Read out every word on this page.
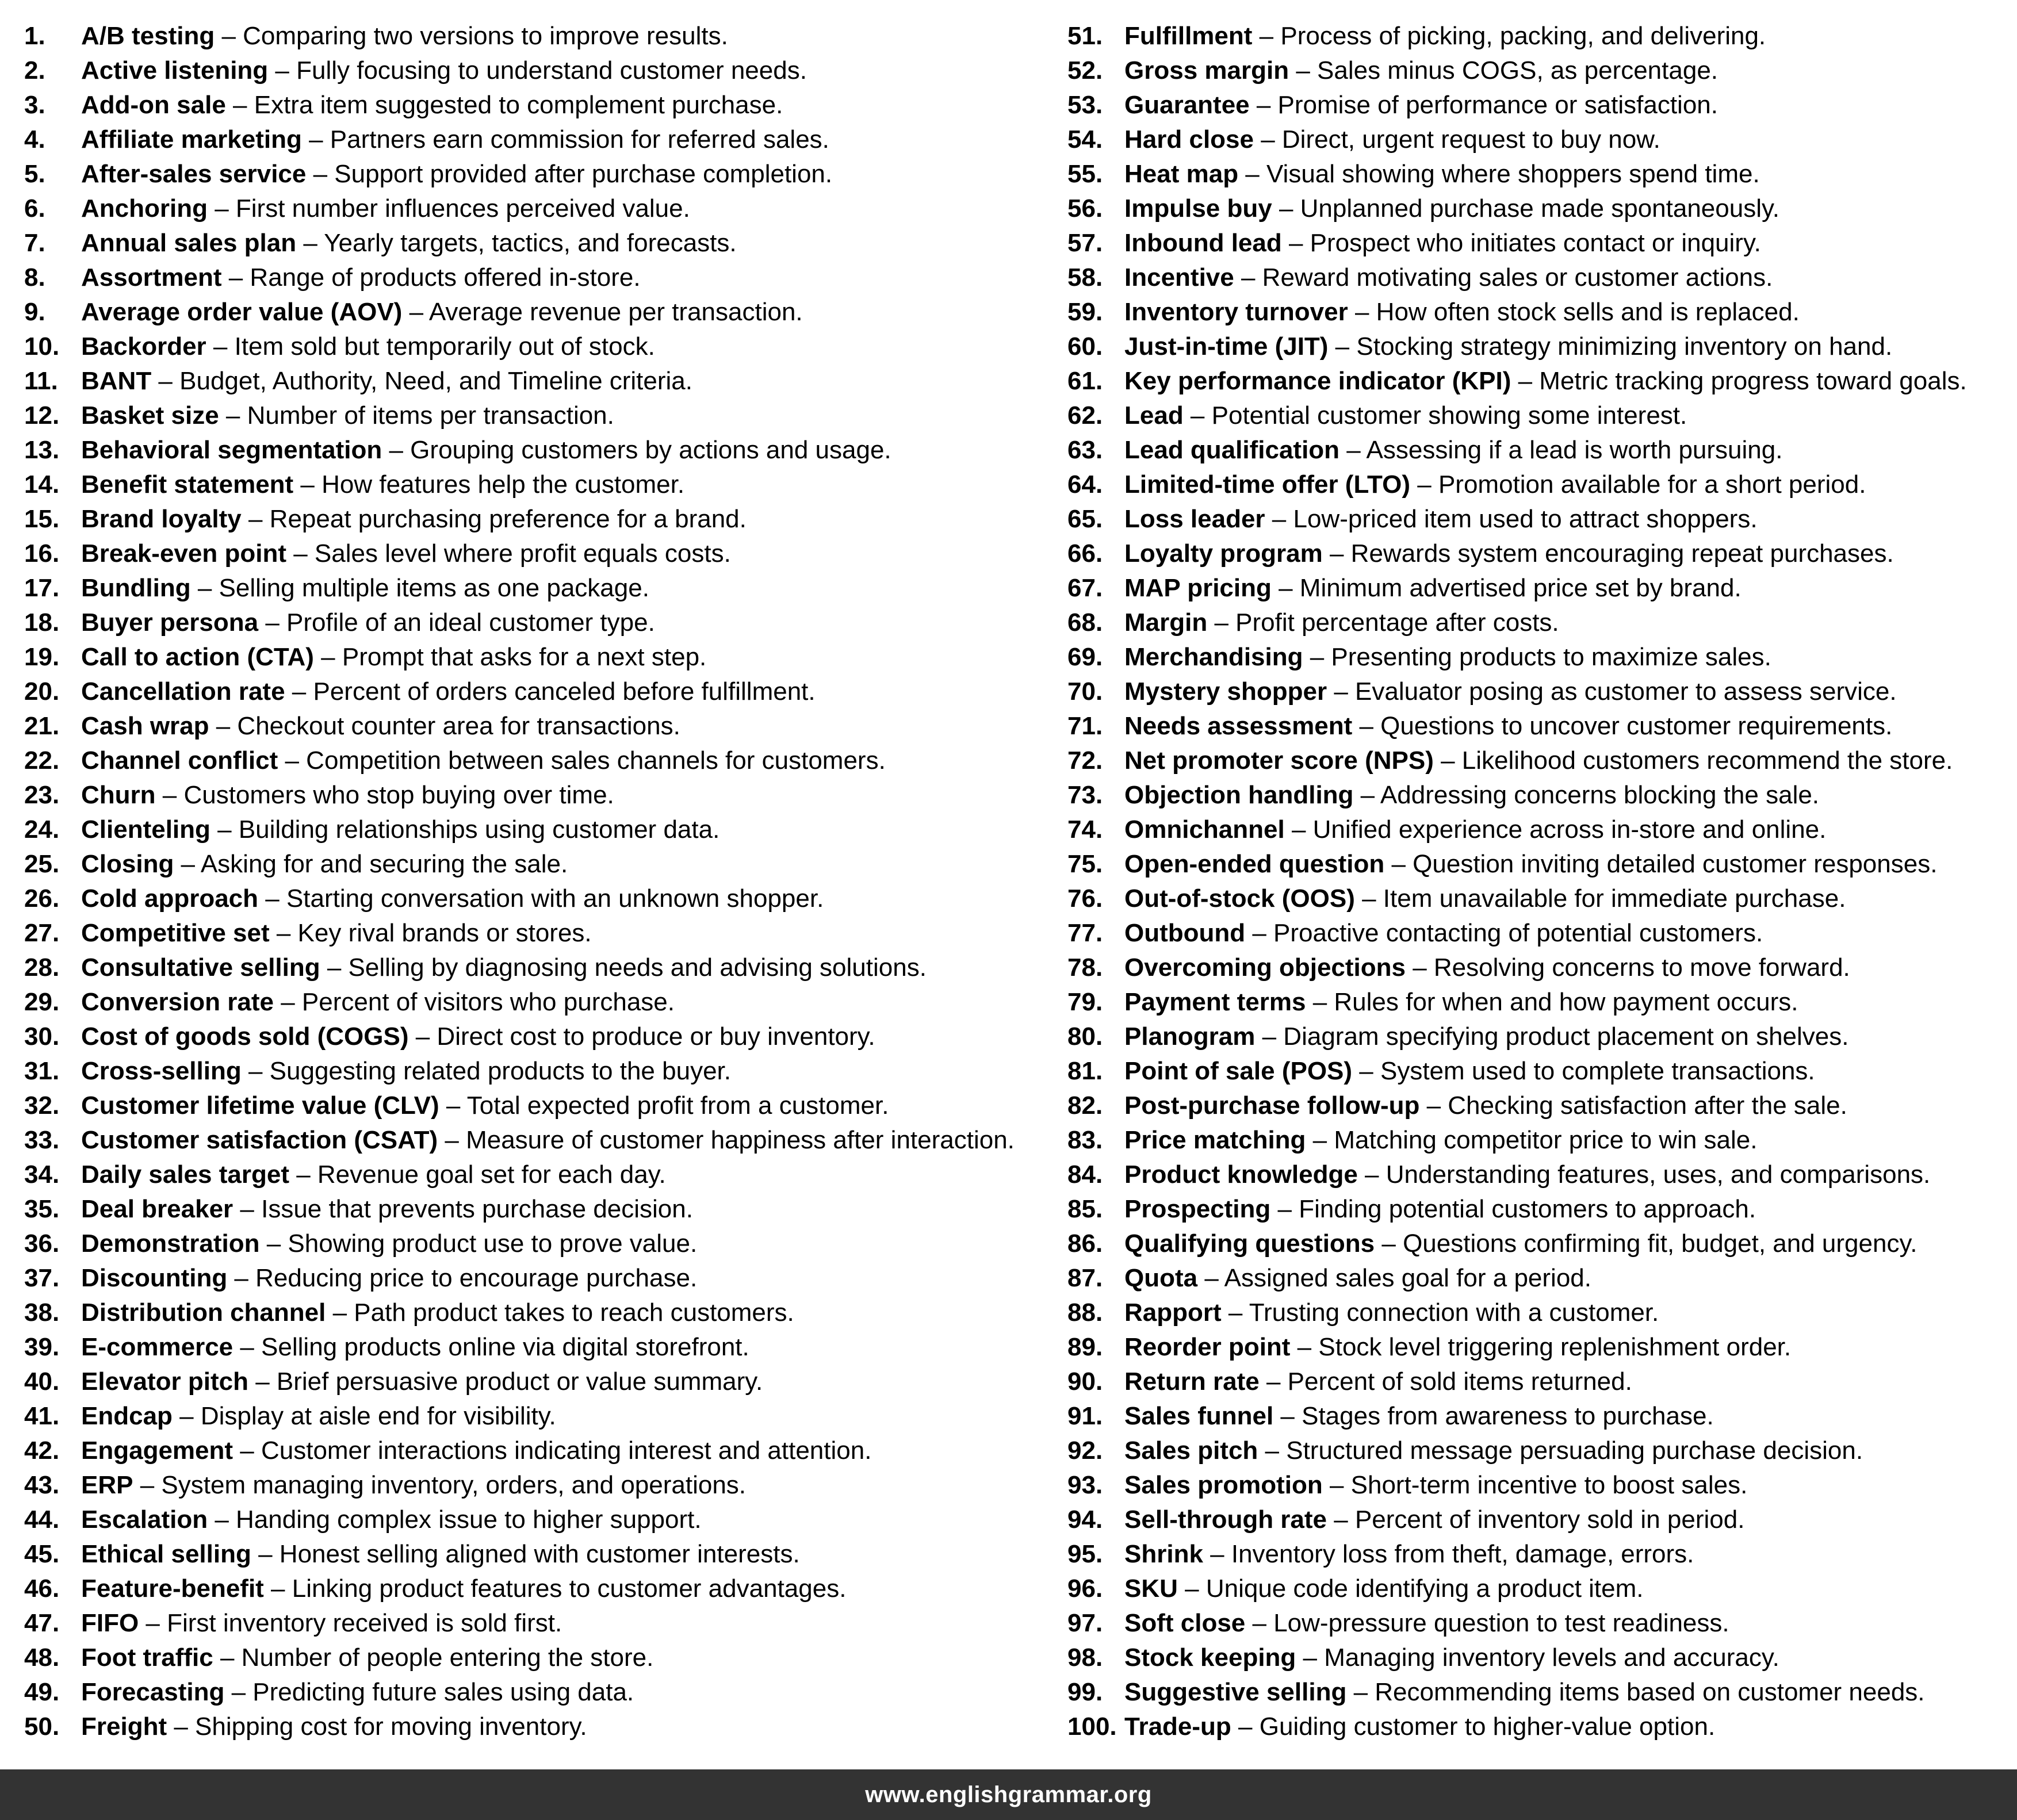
1. A/B testing – Comparing two versions to improve results.
2. Active listening – Fully focusing to understand customer needs.
3. Add-on sale – Extra item suggested to complement purchase.
4. Affiliate marketing – Partners earn commission for referred sales.
5. After-sales service – Support provided after purchase completion.
6. Anchoring – First number influences perceived value.
7. Annual sales plan – Yearly targets, tactics, and forecasts.
8. Assortment – Range of products offered in-store.
9. Average order value (AOV) – Average revenue per transaction.
10. Backorder – Item sold but temporarily out of stock.
11. BANT – Budget, Authority, Need, and Timeline criteria.
12. Basket size – Number of items per transaction.
13. Behavioral segmentation – Grouping customers by actions and usage.
14. Benefit statement – How features help the customer.
15. Brand loyalty – Repeat purchasing preference for a brand.
16. Break-even point – Sales level where profit equals costs.
17. Bundling – Selling multiple items as one package.
18. Buyer persona – Profile of an ideal customer type.
19. Call to action (CTA) – Prompt that asks for a next step.
20. Cancellation rate – Percent of orders canceled before fulfillment.
21. Cash wrap – Checkout counter area for transactions.
22. Channel conflict – Competition between sales channels for customers.
23. Churn – Customers who stop buying over time.
24. Clienteling – Building relationships using customer data.
25. Closing – Asking for and securing the sale.
26. Cold approach – Starting conversation with an unknown shopper.
27. Competitive set – Key rival brands or stores.
28. Consultative selling – Selling by diagnosing needs and advising solutions.
29. Conversion rate – Percent of visitors who purchase.
30. Cost of goods sold (COGS) – Direct cost to produce or buy inventory.
31. Cross-selling – Suggesting related products to the buyer.
32. Customer lifetime value (CLV) – Total expected profit from a customer.
33. Customer satisfaction (CSAT) – Measure of customer happiness after interaction.
34. Daily sales target – Revenue goal set for each day.
35. Deal breaker – Issue that prevents purchase decision.
36. Demonstration – Showing product use to prove value.
37. Discounting – Reducing price to encourage purchase.
38. Distribution channel – Path product takes to reach customers.
39. E-commerce – Selling products online via digital storefront.
40. Elevator pitch – Brief persuasive product or value summary.
41. Endcap – Display at aisle end for visibility.
42. Engagement – Customer interactions indicating interest and attention.
43. ERP – System managing inventory, orders, and operations.
44. Escalation – Handing complex issue to higher support.
45. Ethical selling – Honest selling aligned with customer interests.
46. Feature-benefit – Linking product features to customer advantages.
47. FIFO – First inventory received is sold first.
48. Foot traffic – Number of people entering the store.
49. Forecasting – Predicting future sales using data.
50. Freight – Shipping cost for moving inventory.
51. Fulfillment – Process of picking, packing, and delivering.
52. Gross margin – Sales minus COGS, as percentage.
53. Guarantee – Promise of performance or satisfaction.
54. Hard close – Direct, urgent request to buy now.
55. Heat map – Visual showing where shoppers spend time.
56. Impulse buy – Unplanned purchase made spontaneously.
57. Inbound lead – Prospect who initiates contact or inquiry.
58. Incentive – Reward motivating sales or customer actions.
59. Inventory turnover – How often stock sells and is replaced.
60. Just-in-time (JIT) – Stocking strategy minimizing inventory on hand.
61. Key performance indicator (KPI) – Metric tracking progress toward goals.
62. Lead – Potential customer showing some interest.
63. Lead qualification – Assessing if a lead is worth pursuing.
64. Limited-time offer (LTO) – Promotion available for a short period.
65. Loss leader – Low-priced item used to attract shoppers.
66. Loyalty program – Rewards system encouraging repeat purchases.
67. MAP pricing – Minimum advertised price set by brand.
68. Margin – Profit percentage after costs.
69. Merchandising – Presenting products to maximize sales.
70. Mystery shopper – Evaluator posing as customer to assess service.
71. Needs assessment – Questions to uncover customer requirements.
72. Net promoter score (NPS) – Likelihood customers recommend the store.
73. Objection handling – Addressing concerns blocking the sale.
74. Omnichannel – Unified experience across in-store and online.
75. Open-ended question – Question inviting detailed customer responses.
76. Out-of-stock (OOS) – Item unavailable for immediate purchase.
77. Outbound – Proactive contacting of potential customers.
78. Overcoming objections – Resolving concerns to move forward.
79. Payment terms – Rules for when and how payment occurs.
80. Planogram – Diagram specifying product placement on shelves.
81. Point of sale (POS) – System used to complete transactions.
82. Post-purchase follow-up – Checking satisfaction after the sale.
83. Price matching – Matching competitor price to win sale.
84. Product knowledge – Understanding features, uses, and comparisons.
85. Prospecting – Finding potential customers to approach.
86. Qualifying questions – Questions confirming fit, budget, and urgency.
87. Quota – Assigned sales goal for a period.
88. Rapport – Trusting connection with a customer.
89. Reorder point – Stock level triggering replenishment order.
90. Return rate – Percent of sold items returned.
91. Sales funnel – Stages from awareness to purchase.
92. Sales pitch – Structured message persuading purchase decision.
93. Sales promotion – Short-term incentive to boost sales.
94. Sell-through rate – Percent of inventory sold in period.
95. Shrink – Inventory loss from theft, damage, errors.
96. SKU – Unique code identifying a product item.
97. Soft close – Low-pressure question to test readiness.
98. Stock keeping – Managing inventory levels and accuracy.
99. Suggestive selling – Recommending items based on customer needs.
100. Trade-up – Guiding customer to higher-value option.
www.englishgrammar.org
